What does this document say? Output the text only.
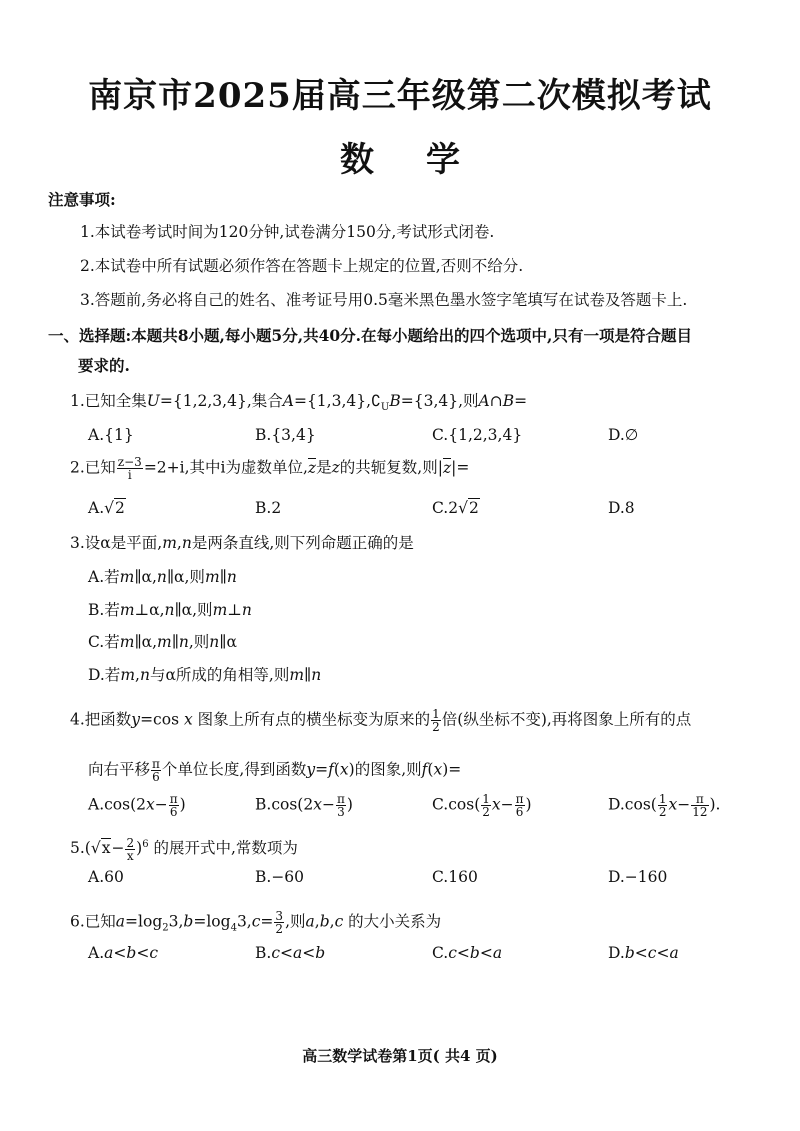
南京市2025届高三年级第二次模拟考试
数 学
注意事项:
1.本试卷考试时间为120分钟,试卷满分150分,考试形式闭卷.
2.本试卷中所有试题必须作答在答题卡上规定的位置,否则不给分.
3.答题前,务必将自己的姓名、准考证号用0.5毫米黑色墨水签字笔填写在试卷及答题卡上.
一、选择题:本题共8小题,每小题5分,共40分.在每小题给出的四个选项中,只有一项是符合题目
要求的.
1.已知全集U={1,2,3,4},集合$A=\{1,3,4\},∁_UB=\{3,4\}$,则A∩B=
A.{1}	B.{3,4}	C.{1,2,3,4}	D.∅
2.已知 $\frac{z-3}{i} =2+i$,其中i为虚数单位,z是z的共轭复数,则|z|=
A.√2	B.2	C.2√2	D.8
3.设α是平面,m,n是两条直线,则下列命题正确的是
A.若m∥α,n∥α,则m∥n
B.若m⊥α,n∥α,则m⊥n
C.若m∥α,m∥n,则n∥α
D.若m,n与α所成的角相等,则m∥n
4.把函数y=cos x 图象上所有点的横坐标变为原来的 $\frac{1}{2}$ 倍(纵坐标不变),再将图象上所有的点
向右平移 $\frac{\pi}{6}$ 个单位长度,得到函数y=f(x)的图象,则f(x)=
$A.\cos(2x- \frac{\pi}{6}$ )	$B.\cos(2x- \frac{\pi}{3}$ )	$C.\cos( \frac{1}{2} x- \frac{\pi}{6}$ )	$D.\cos( \frac{1}{2} x- \frac{\pi}{12}$ ).
$5.(√x- \frac{2}{x} )^6$ 的展开式中,常数项为
A.60	B.−60	C.160	D.−160
6.已知$a=\log_23,b=\log_43,c= \frac{3}{2}$ ,则a,b,c 的大小关系为
A.a<b<c	B.c<a<b	C.c<b<a	D.b<c<a
高三数学试卷第1页( 共4 页)
